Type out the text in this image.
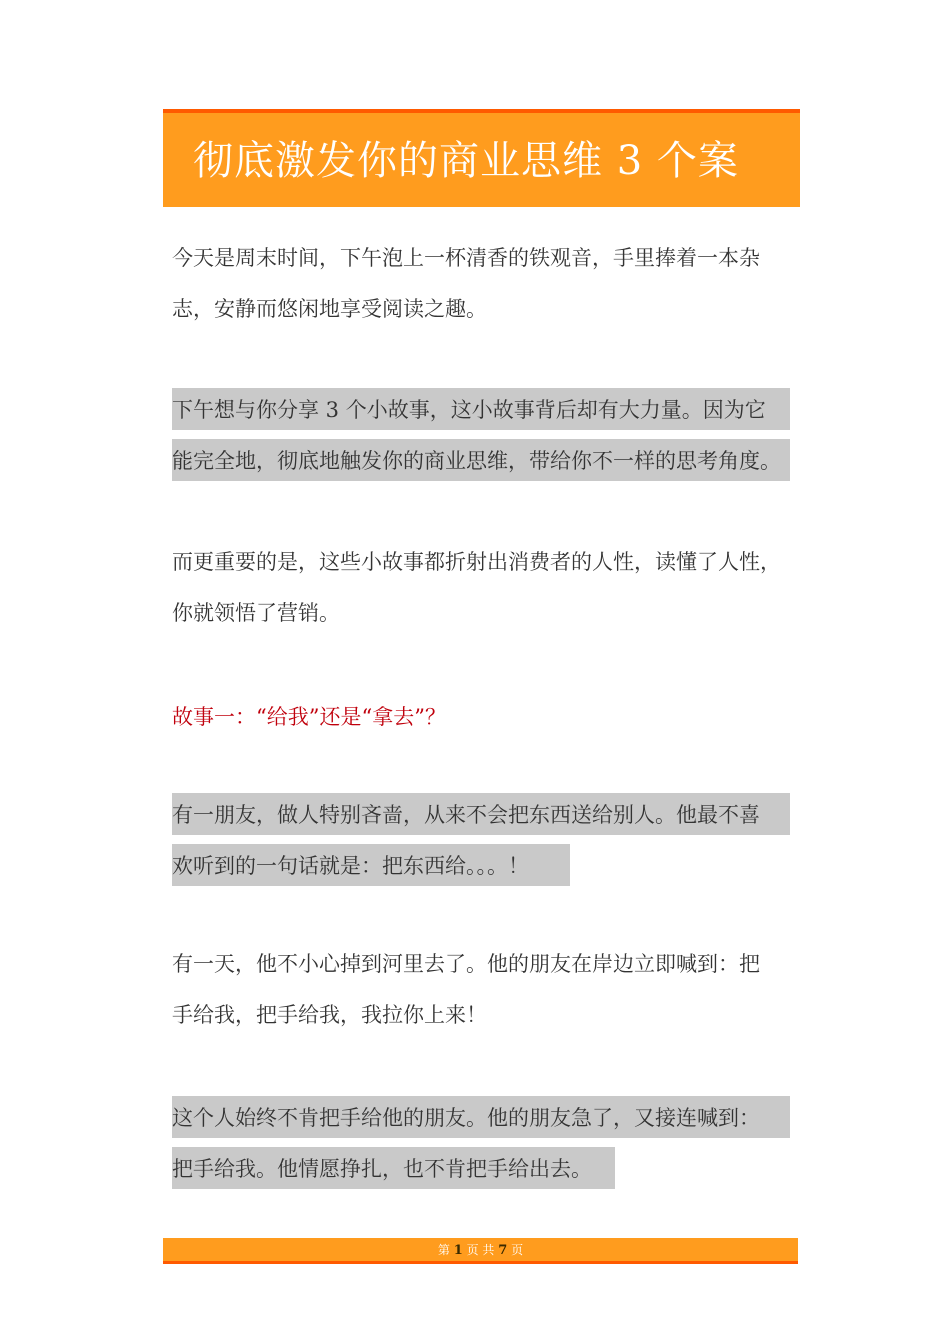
彻底激发你的商业思维 3 个案
今天是周末时间，下午泡上一杯清香的铁观音，手里捧着一本杂
志，安静而悠闲地享受阅读之趣。
下午想与你分享 3 个小故事，这小故事背后却有大力量。因为它
能完全地，彻底地触发你的商业思维，带给你不一样的思考角度。
而更重要的是，这些小故事都折射出消费者的人性，读懂了人性，
你就领悟了营销。
故事一：“给我”还是“拿去”？
有一朋友，做人特别吝啬，从来不会把东西送给别人。他最不喜
欢听到的一句话就是：把东西给。。。！
有一天，他不小心掉到河里去了。他的朋友在岸边立即喊到：把
手给我，把手给我，我拉你上来！
这个人始终不肯把手给他的朋友。他的朋友急了，又接连喊到：
把手给我。他情愿挣扎，也不肯把手给出去。
第 1 页 共 7 页
